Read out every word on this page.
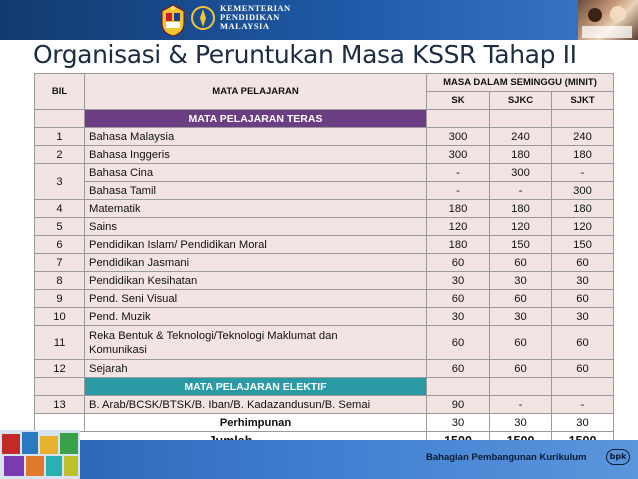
KEMENTERIAN
PENDIDIKAN
MALAYSIA
Organisasi & Peruntukan Masa KSSR Tahap II
BIL	MATA PELAJARAN	MASA DALAM SEMINGGU (MINIT)		
		SK	SJKC	SJKT
	MATA PELAJARAN TERAS			
1	Bahasa Malaysia	300	240	240
2	Bahasa Inggeris	300	180	180
3	Bahasa Cina	-	300	-
	Bahasa Tamil	-	-	300
4	Matematik	180	180	180
5	Sains	120	120	120
6	Pendidikan Islam/ Pendidikan Moral	180	150	150
7	Pendidikan Jasmani	60	60	60
8	Pendidikan Kesihatan	30	30	30
9	Pend. Seni Visual	60	60	60
10	Pend. Muzik	30	30	30
11	Reka Bentuk & Teknologi/Teknologi Maklumat dan
Komunikasi	60	60	60
12	Sejarah	60	60	60
	MATA PELAJARAN ELEKTIF			
13	B. Arab/BCSK/BTSK/B. Iban/B. Kadazandusun/B. Semai	90	-	-
	Perhimpunan	30	30	30

Bahagian Pembangunan Kurikulum	bpk
